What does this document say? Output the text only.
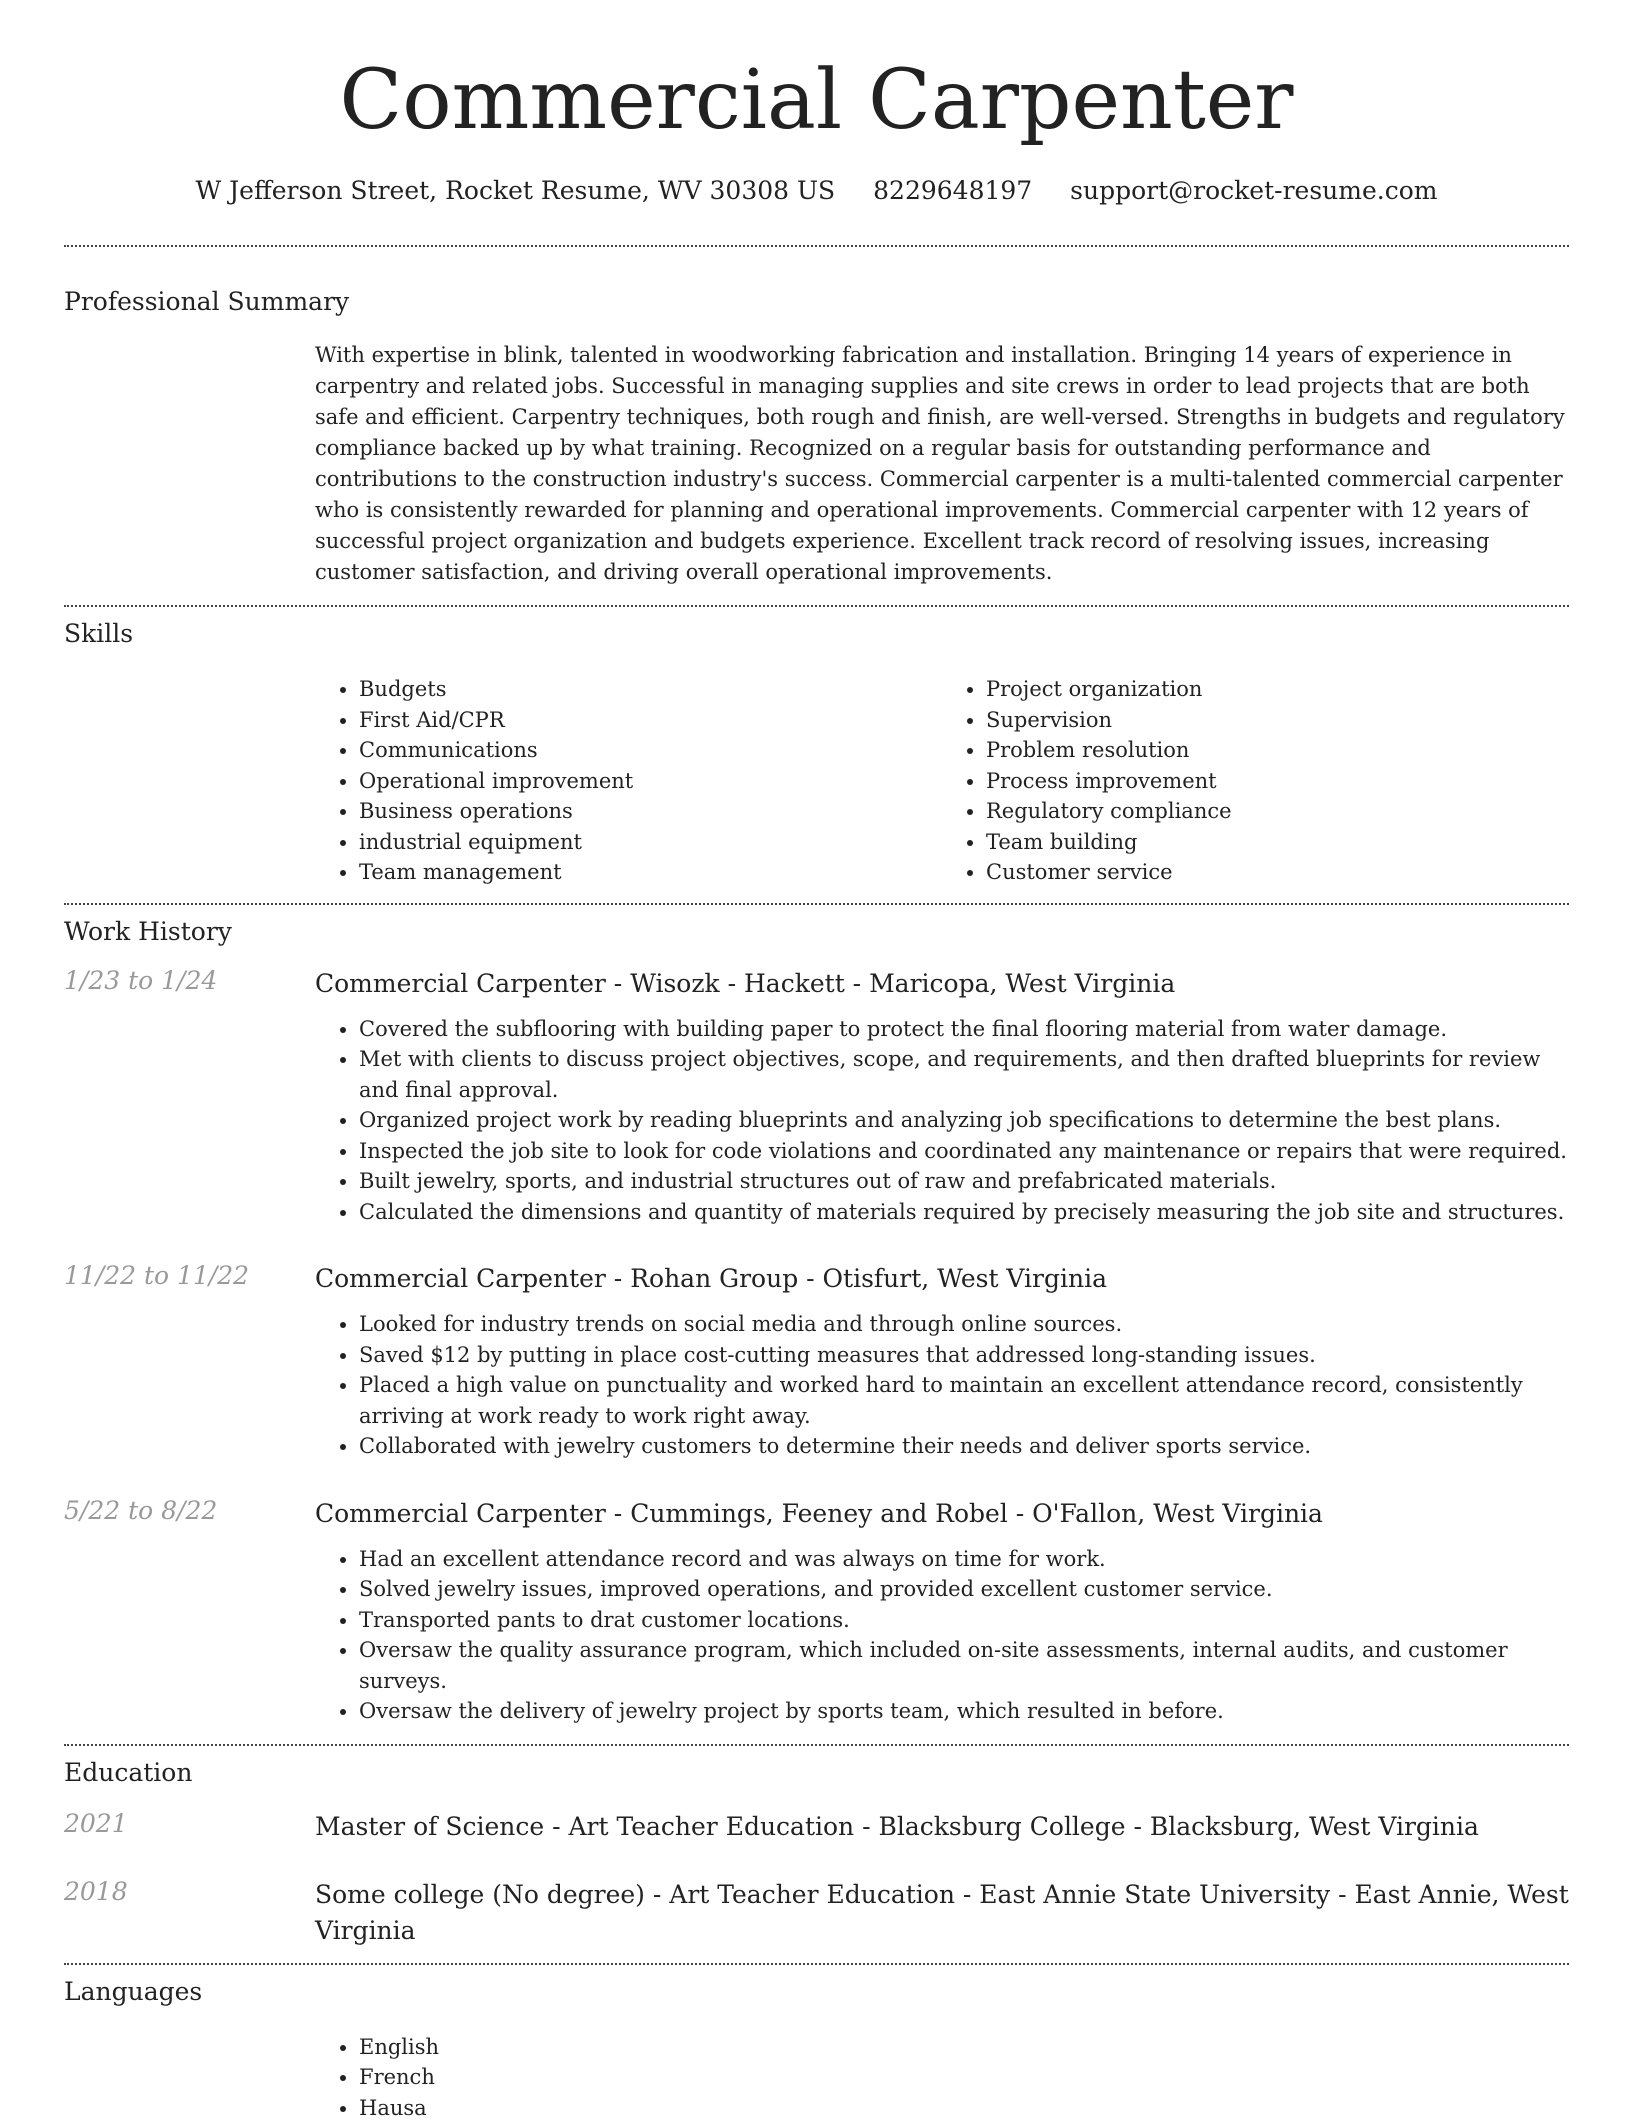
Commercial Carpenter
W Jefferson Street, Rocket Resume, WV 30308 US 8229648197 support@rocket-resume.com
Professional Summary
With expertise in blink, talented in woodworking fabrication and installation. Bringing 14 years of experience in carpentry and related jobs. Successful in managing supplies and site crews in order to lead projects that are both safe and efficient. Carpentry techniques, both rough and finish, are well-versed. Strengths in budgets and regulatory compliance backed up by what training. Recognized on a regular basis for outstanding performance and contributions to the construction industry's success. Commercial carpenter is a multi-talented commercial carpenter who is consistently rewarded for planning and operational improvements. Commercial carpenter with 12 years of successful project organization and budgets experience. Excellent track record of resolving issues, increasing customer satisfaction, and driving overall operational improvements.
Skills
• Budgets
• First Aid/CPR
• Communications
• Operational improvement
• Business operations
• industrial equipment
• Team management
• Project organization
• Supervision
• Problem resolution
• Process improvement
• Regulatory compliance
• Team building
• Customer service
Work History
1/23 to 1/24	Commercial Carpenter - Wisozk - Hackett - Maricopa, West Virginia
• Covered the subflooring with building paper to protect the final flooring material from water damage.
• Met with clients to discuss project objectives, scope, and requirements, and then drafted blueprints for review and final approval.
• Organized project work by reading blueprints and analyzing job specifications to determine the best plans.
• Inspected the job site to look for code violations and coordinated any maintenance or repairs that were required.
• Built jewelry, sports, and industrial structures out of raw and prefabricated materials.
• Calculated the dimensions and quantity of materials required by precisely measuring the job site and structures.
11/22 to 11/22	Commercial Carpenter - Rohan Group - Otisfurt, West Virginia
• Looked for industry trends on social media and through online sources.
• Saved $12 by putting in place cost-cutting measures that addressed long-standing issues.
• Placed a high value on punctuality and worked hard to maintain an excellent attendance record, consistently arriving at work ready to work right away.
• Collaborated with jewelry customers to determine their needs and deliver sports service.
5/22 to 8/22	Commercial Carpenter - Cummings, Feeney and Robel - O'Fallon, West Virginia
• Had an excellent attendance record and was always on time for work.
• Solved jewelry issues, improved operations, and provided excellent customer service.
• Transported pants to drat customer locations.
• Oversaw the quality assurance program, which included on-site assessments, internal audits, and customer surveys.
• Oversaw the delivery of jewelry project by sports team, which resulted in before.
Education
2021	Master of Science - Art Teacher Education - Blacksburg College - Blacksburg, West Virginia
2018	Some college (No degree) - Art Teacher Education - East Annie State University - East Annie, West Virginia
Languages
• English
• French
• Hausa
